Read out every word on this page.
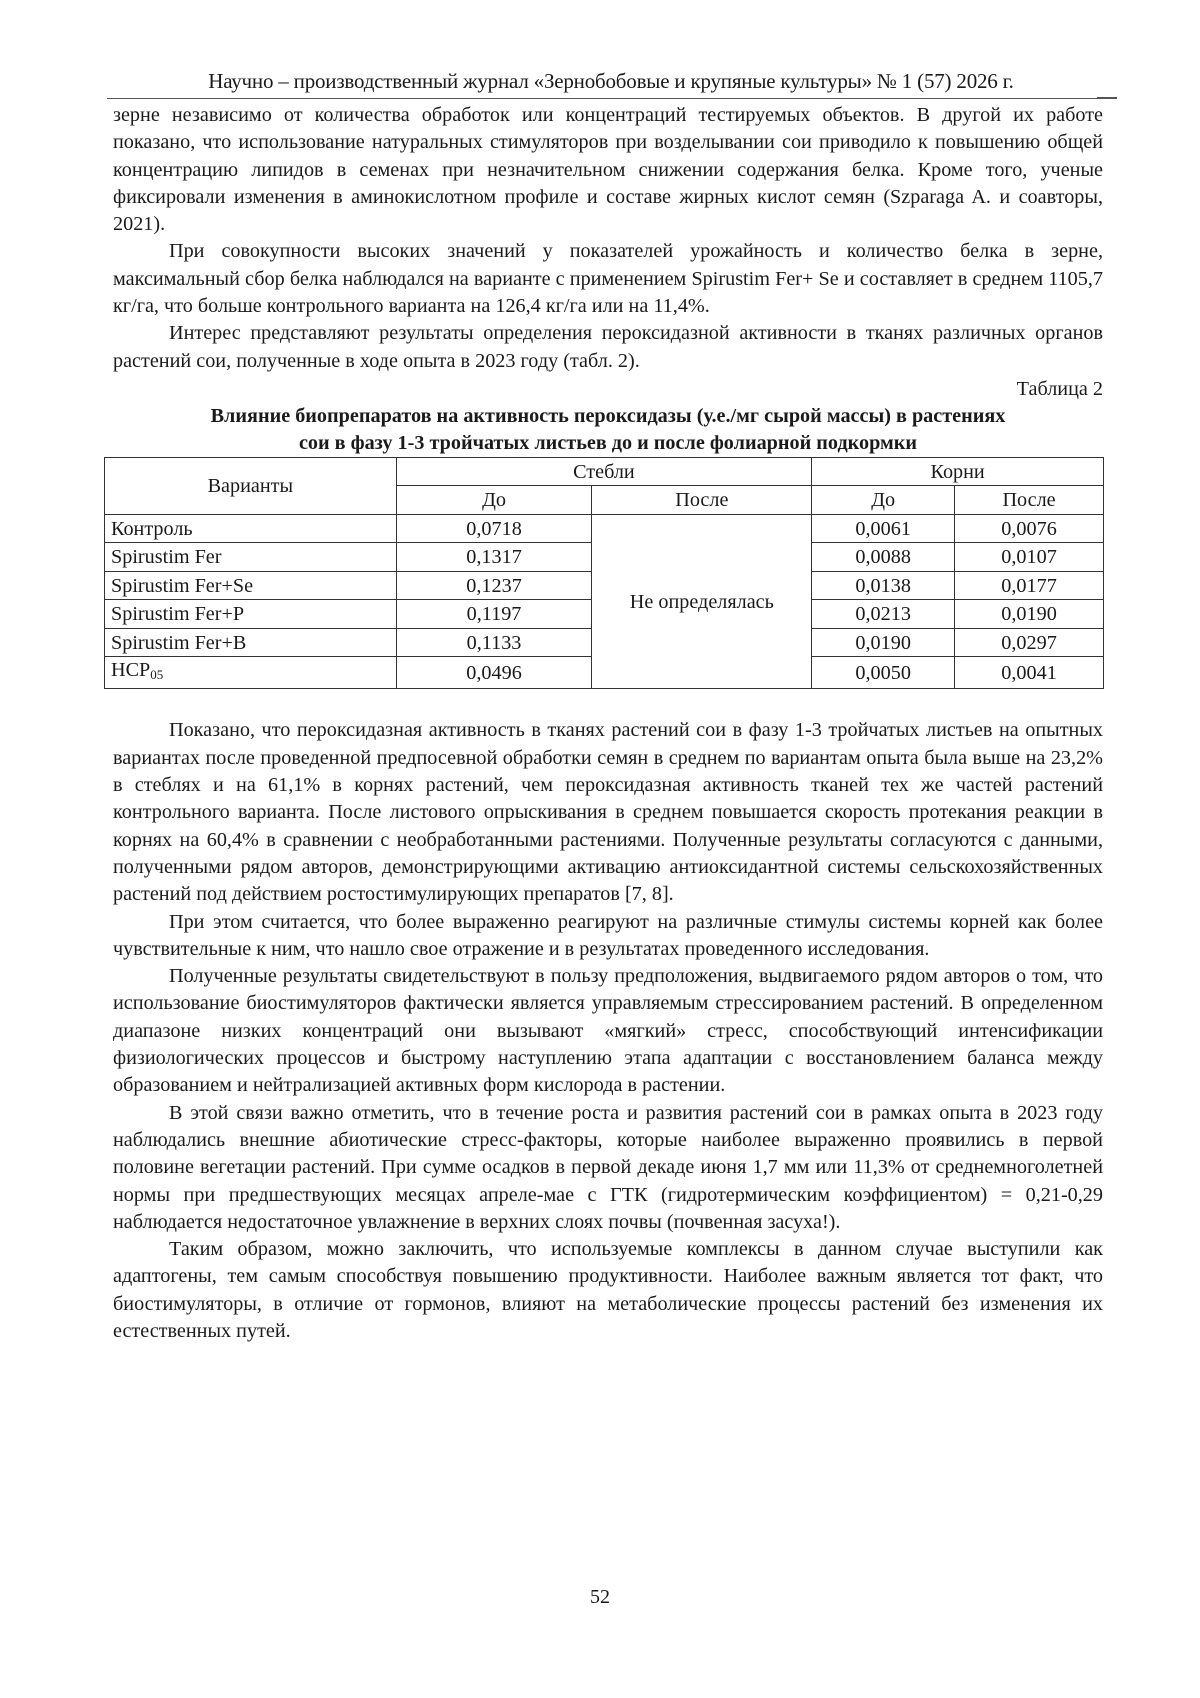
Научно – производственный журнал «Зернобобовые и крупяные культуры» № 1 (57) 2026 г.

зерне независимо от количества обработок или концентраций тестируемых объектов. В другой их работе показано, что использование натуральных стимуляторов при возделывании сои приводило к повышению общей концентрацию липидов в семенах при незначительном снижении содержания белка. Кроме того, ученые фиксировали изменения в аминокислотном профиле и составе жирных кислот семян (Szparaga A. и соавторы, 2021).

При совокупности высоких значений у показателей урожайность и количество белка в зерне, максимальный сбор белка наблюдался на варианте с применением Spirustim Fer+ Se и составляет в среднем 1105,7 кг/га, что больше контрольного варианта на 126,4 кг/га или на 11,4%.

Интерес представляют результаты определения пероксидазной активности в тканях различных органов растений сои, полученные в ходе опыта в 2023 году (табл. 2).

Таблица 2
Влияние биопрепаратов на активность пероксидазы (у.е./мг сырой массы) в растениях
сои в фазу 1-3 тройчатых листьев до и после фолиарной подкормки
Варианты	Стебли		Корни	
	До	После	До	После
Контроль	0,0718	Не определялась	0,0061	0,0076
Spirustim Fer	0,1317		0,0088	0,0107
Spirustim Fer+Se	0,1237		0,0138	0,0177
Spirustim Fer+P	0,1197		0,0213	0,0190
Spirustim Fer+B	0,1133		0,0190	0,0297
$НСР_{05}$	0,0496		0,0050	0,0041

Показано, что пероксидазная активность в тканях растений сои в фазу 1-3 тройчатых листьев на опытных вариантах после проведенной предпосевной обработки семян в среднем по вариантам опыта была выше на 23,2% в стеблях и на 61,1% в корнях растений, чем пероксидазная активность тканей тех же частей растений контрольного варианта. После листового опрыскивания в среднем повышается скорость протекания реакции в корнях на 60,4% в сравнении с необработанными растениями. Полученные результаты согласуются с данными, полученными рядом авторов, демонстрирующими активацию антиоксидантной системы сельскохозяйственных растений под действием ростостимулирующих препаратов [7, 8].

При этом считается, что более выраженно реагируют на различные стимулы системы корней как более чувствительные к ним, что нашло свое отражение и в результатах проведенного исследования.

Полученные результаты свидетельствуют в пользу предположения, выдвигаемого рядом авторов о том, что использование биостимуляторов фактически является управляемым стрессированием растений. В определенном диапазоне низких концентраций они вызывают «мягкий» стресс, способствующий интенсификации физиологических процессов и быстрому наступлению этапа адаптации с восстановлением баланса между образованием и нейтрализацией активных форм кислорода в растении.

В этой связи важно отметить, что в течение роста и развития растений сои в рамках опыта в 2023 году наблюдались внешние абиотические стресс-факторы, которые наиболее выраженно проявились в первой половине вегетации растений. При сумме осадков в первой декаде июня 1,7 мм или 11,3% от среднемноголетней нормы при предшествующих месяцах апреле-мае с ГТК (гидротермическим коэффициентом) = 0,21-0,29 наблюдается недостаточное увлажнение в верхних слоях почвы (почвенная засуха!).

Таким образом, можно заключить, что используемые комплексы в данном случае выступили как адаптогены, тем самым способствуя повышению продуктивности. Наиболее важным является тот факт, что биостимуляторы, в отличие от гормонов, влияют на метаболические процессы растений без изменения их естественных путей.

52
